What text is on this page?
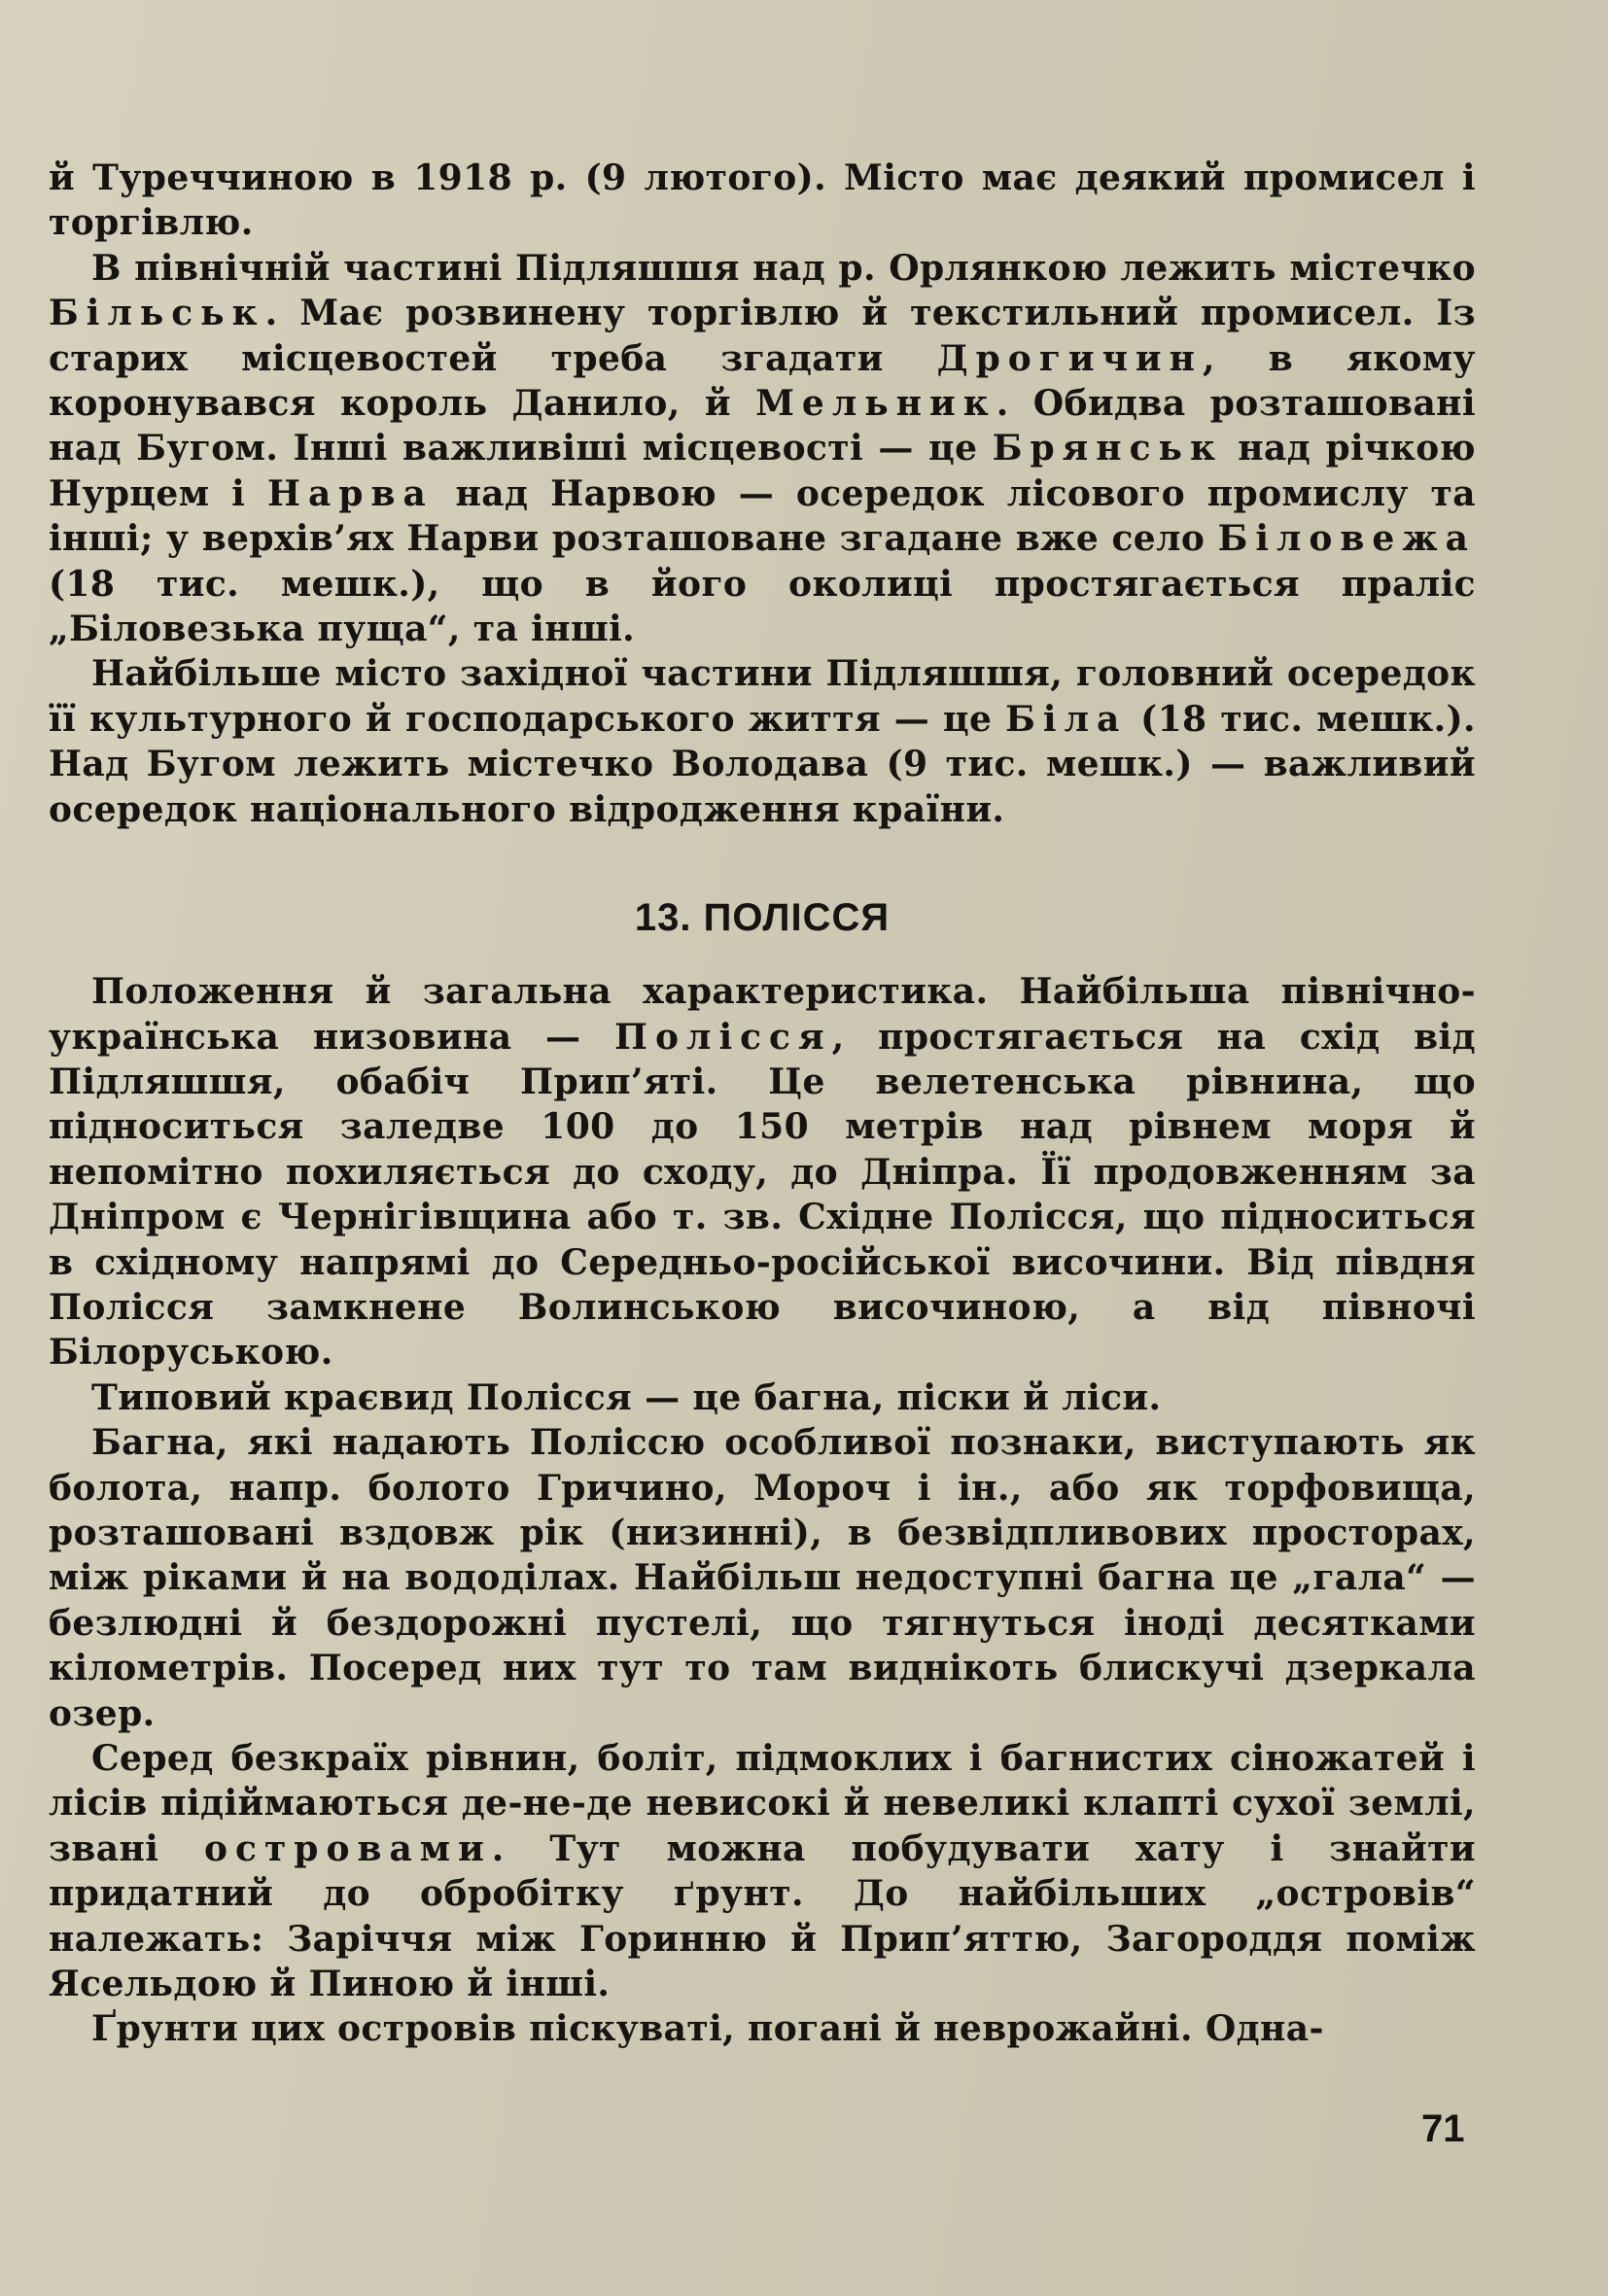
й Туреччиною в 1918 р. (9 лютого). Місто має деякий промисел і торгівлю.

В північній частині Підляшшя над р. Орлянкою лежить містечко Більськ. Має розвинену торгівлю й текстильний промисел. Із старих місцевостей треба згадати Дрогичин, в якому коронувався король Данило, й Мельник. Обидва розташовані над Бугом. Інші важливіші місцевості — це Брянськ над річкою Нурцем і Нарва над Нарвою — осередок лісового промислу та інші; у верхів’ях Нарви розташоване згадане вже село Біловежа (18 тис. мешк.), що в його околиці простягається праліс „Біловезька пуща“, та інші.

Найбільше місто західної частини Підляшшя, головний осередок її культурного й господарського життя — це Біла (18 тис. мешк.). Над Бугом лежить містечко Володава (9 тис. мешк.) — важливий осередок національного відродження країни.

13. ПОЛІССЯ

Положення й загальна характеристика. Найбільша північно-українська низовина — Полісся, простягається на схід від Підляшшя, обабіч Прип’яті. Це велетенська рівнина, що підноситься заледве 100 до 150 метрів над рівнем моря й непомітно похиляється до сходу, до Дніпра. Її продовженням за Дніпром є Чернігівщина або т. зв. Східне Полісся, що підноситься в східному напрямі до Середньо-російської височини. Від півдня Полісся замкнене Волинською височиною, а від півночі Білоруською.

Типовий краєвид Полісся — це багна, піски й ліси.

Багна, які надають Поліссю особливої познаки, виступають як болота, напр. болото Гричино, Мороч і ін., або як торфовища, розташовані вздовж рік (низинні), в безвідпливових просторах, між ріками й на вододілах. Найбільш недоступні багна це „гала“ — безлюдні й бездорожні пустелі, що тягнуться іноді десятками кілометрів. Посеред них тут то там виднікоть блискучі дзеркала озер.

Серед безкраїх рівнин, боліт, підмоклих і багнистих сіножатей і лісів підіймаються де-не-де невисокі й невеликі клапті сухої землі, звані островами. Тут можна побудувати хату і знайти придатний до обробітку ґрунт. До найбільших „островів“ належать: Заріччя між Горинню й Прип’яттю, Загороддя поміж Ясельдою й Пиною й інші.

Ґрунти цих островів піскуваті, погані й неврожайні. Одна-

71
